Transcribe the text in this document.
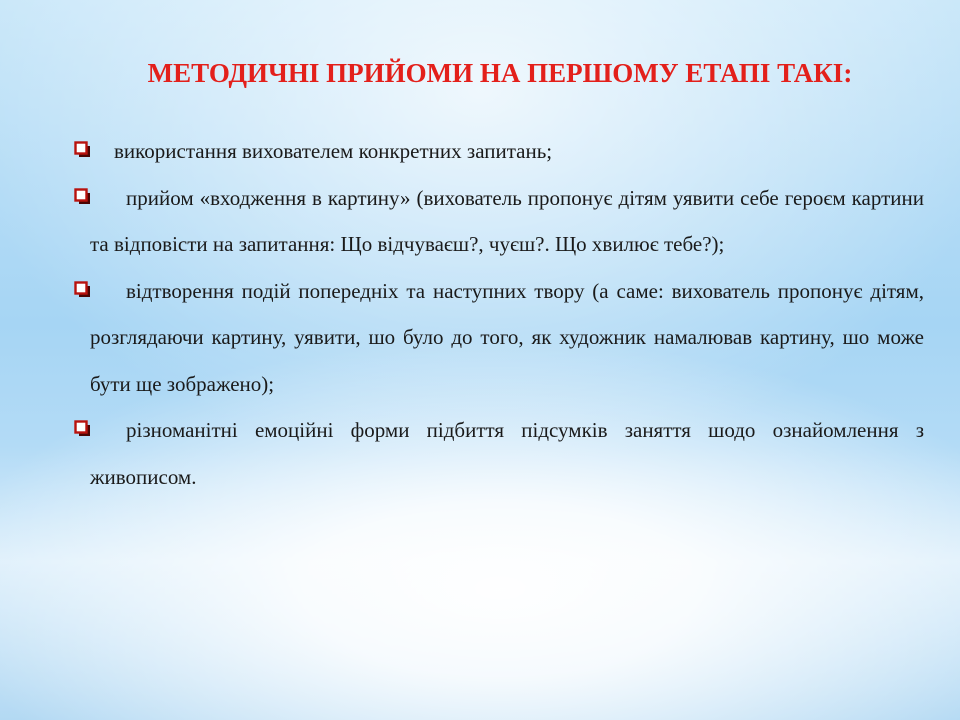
МЕТОДИЧНІ ПРИЙОМИ НА ПЕРШОМУ ЕТАПІ ТАКІ:
використання вихователем конкретних запитань;
прийом «входження в картину» (вихователь пропонує дітям уявити себе героєм картини та відповісти на запитання: Що відчуваєш?, чуєш?. Що хвилює тебе?);
відтворення подій попередніх та наступних твору (а саме: вихователь пропонує дітям, розглядаючи картину, уявити, шо було до того, як художник намалював картину, шо може бути ще зображено);
різноманітні емоційні форми підбиття підсумків заняття шодо ознайомлення з живописом.
